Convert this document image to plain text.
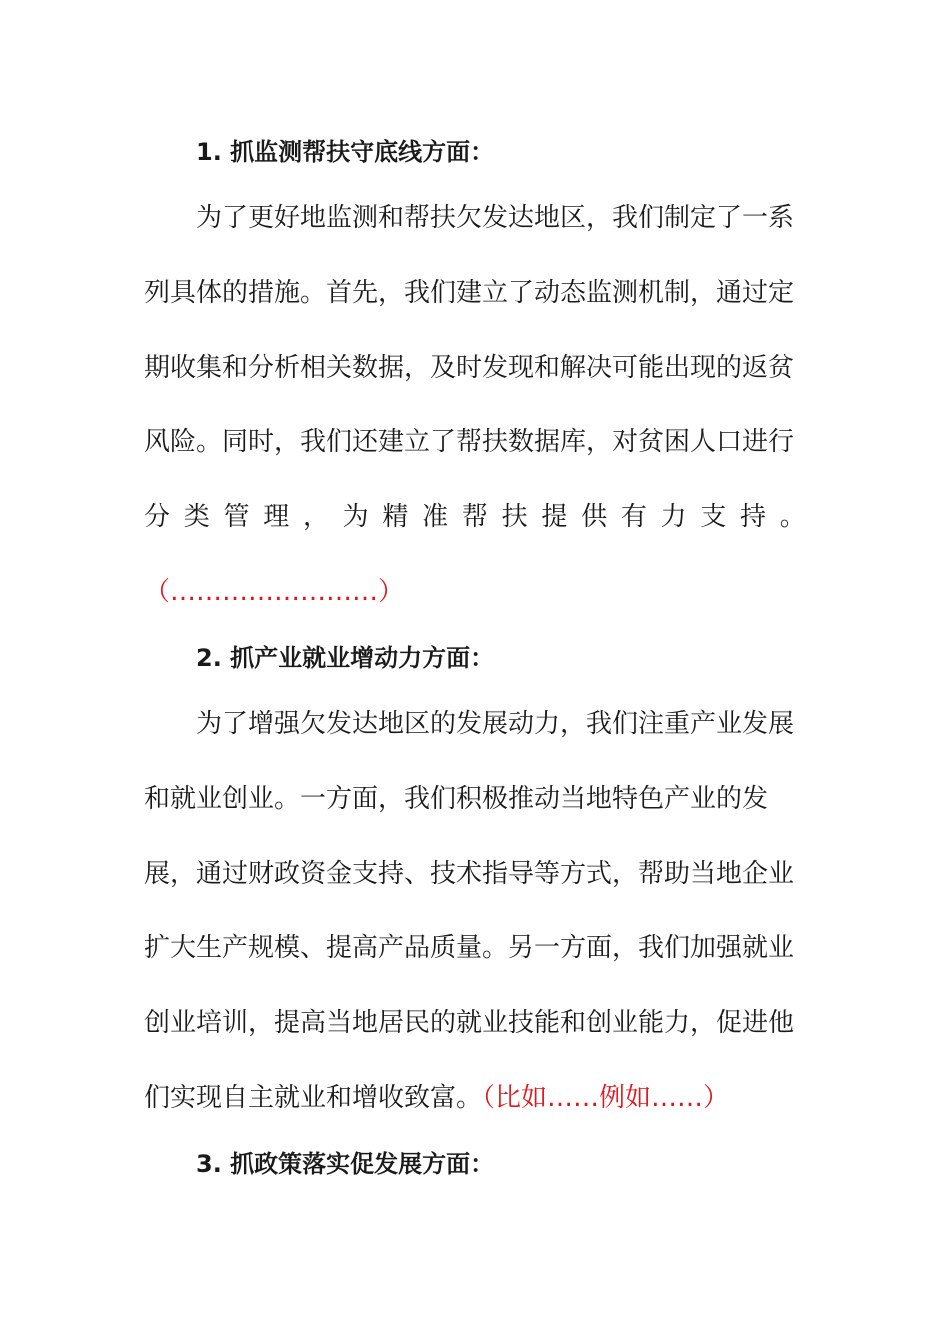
1. 抓监测帮扶守底线方面：
为了更好地监测和帮扶欠发达地区，我们制定了一系
列具体的措施。首先，我们建立了动态监测机制，通过定
期收集和分析相关数据，及时发现和解决可能出现的返贫
风险。同时，我们还建立了帮扶数据库，对贫困人口进行
分 类 管 理 ， 为 精 准 帮 扶 提 供 有 力 支 持 。
（……………………）
2. 抓产业就业增动力方面：
为了增强欠发达地区的发展动力，我们注重产业发展
和就业创业。一方面，我们积极推动当地特色产业的发
展，通过财政资金支持、技术指导等方式，帮助当地企业
扩大生产规模、提高产品质量。另一方面，我们加强就业
创业培训，提高当地居民的就业技能和创业能力，促进他
们实现自主就业和增收致富。（比如……例如……）
3. 抓政策落实促发展方面：
